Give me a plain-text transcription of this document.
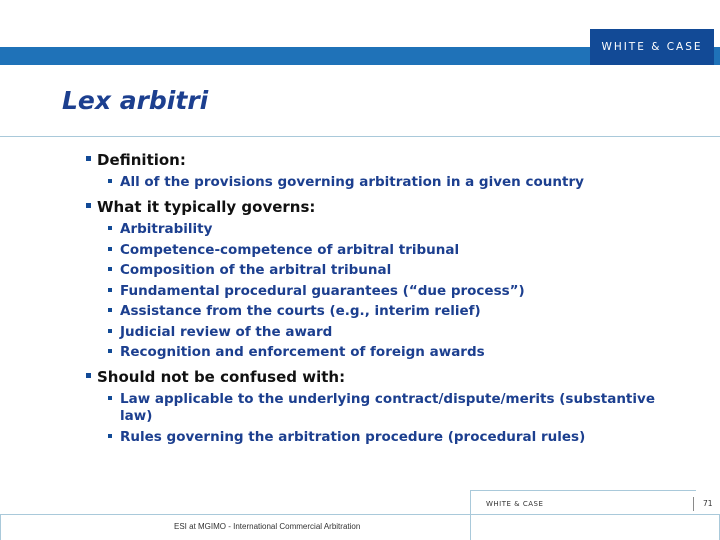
WHITE & CASE
Lex arbitri
Definition:
All of the provisions governing arbitration in a given country
What it typically governs:
Arbitrability
Competence-competence of arbitral tribunal
Composition of the arbitral tribunal
Fundamental procedural guarantees (“due process”)
Assistance from the courts (e.g., interim relief)
Judicial review of the award
Recognition and enforcement of foreign awards
Should not be confused with:
Law applicable to the underlying contract/dispute/merits (substantive law)
Rules governing the arbitration procedure (procedural rules)
WHITE & CASE	71
ESI at MGIMO - International Commercial Arbitration
